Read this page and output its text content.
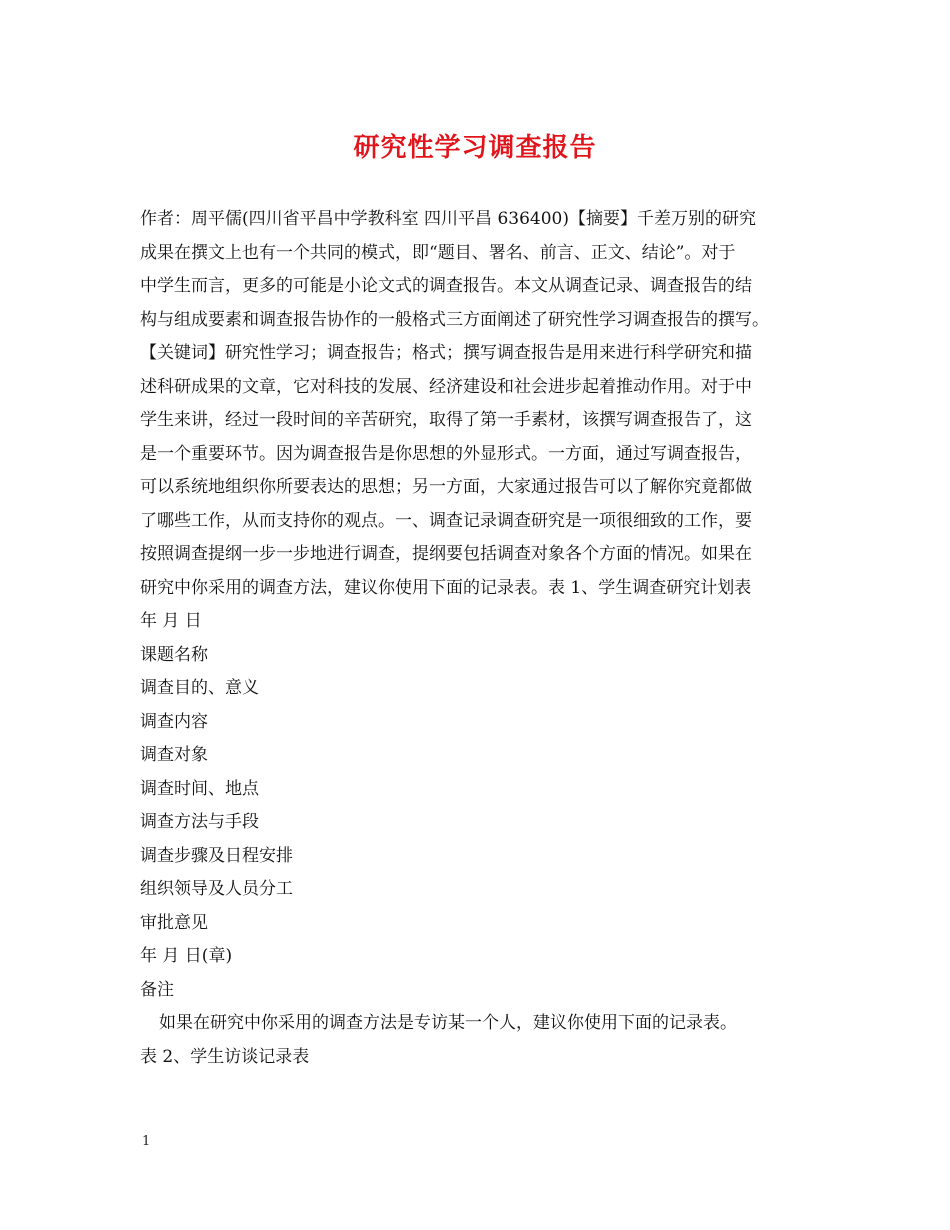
研究性学习调查报告
作者：周平儒(四川省平昌中学教科室 四川平昌 636400)【摘要】千差万别的研究
成果在撰文上也有一个共同的模式，即“题目、署名、前言、正文、结论”。对于
中学生而言，更多的可能是小论文式的调查报告。本文从调查记录、调查报告的结
构与组成要素和调查报告协作的一般格式三方面阐述了研究性学习调查报告的撰写。
【关键词】研究性学习；调查报告；格式；撰写调查报告是用来进行科学研究和描
述科研成果的文章，它对科技的发展、经济建设和社会进步起着推动作用。对于中
学生来讲，经过一段时间的辛苦研究，取得了第一手素材，该撰写调查报告了，这
是一个重要环节。因为调查报告是你思想的外显形式。一方面，通过写调查报告，
可以系统地组织你所要表达的思想；另一方面，大家通过报告可以了解你究竟都做
了哪些工作，从而支持你的观点。一、调查记录调查研究是一项很细致的工作，要
按照调查提纲一步一步地进行调查，提纲要包括调查对象各个方面的情况。如果在
研究中你采用的调查方法，建议你使用下面的记录表。表 1、学生调查研究计划表
年 月 日
课题名称
调查目的、意义
调查内容
调查对象
调查时间、地点
调查方法与手段
调查步骤及日程安排
组织领导及人员分工
审批意见
年 月 日(章)
备注
如果在研究中你采用的调查方法是专访某一个人，建议你使用下面的记录表。
表 2、学生访谈记录表
1
